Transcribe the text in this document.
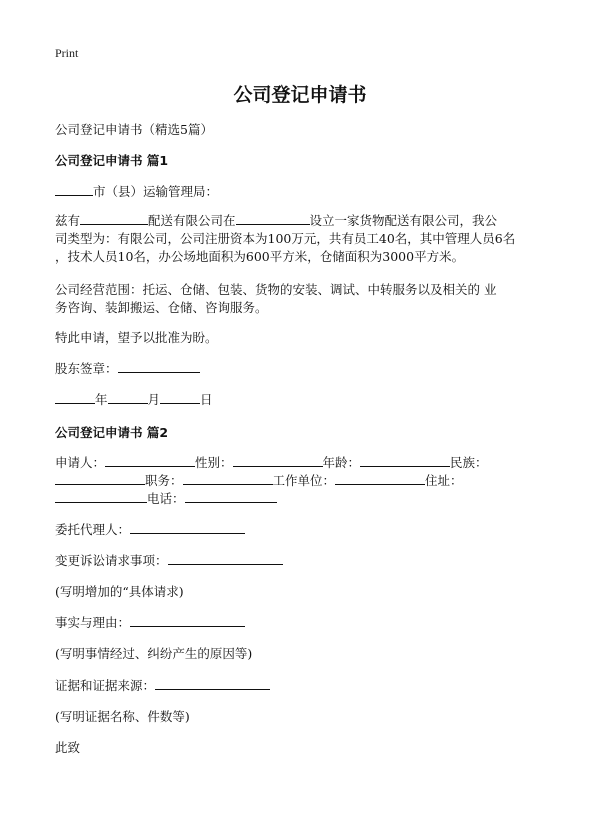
Print
公司登记申请书
公司登记申请书（精选5篇）
公司登记申请书 篇1
市（县）运输管理局：
兹有	配送有限公司在	设立一家货物配送有限公司，我公
司类型为：有限公司，公司注册资本为100万元，共有员工40名，其中管理人员6名
，技术人员10名，办公场地面积为600平方米，仓储面积为3000平方米。
公司经营范围：托运、仓储、包装、货物的安装、调试、中转服务以及相关的 业
务咨询、装卸搬运、仓储、咨询服务。
特此申请，望予以批准为盼。
股东签章：
年	月	日
公司登记申请书 篇2
申请人：	性别：	年龄：	民族：
职务：	工作单位：	住址：
电话：
委托代理人：
变更诉讼请求事项：
(写明增加的“具体请求)
事实与理由：
(写明事情经过、纠纷产生的原因等)
证据和证据来源：
(写明证据名称、件数等)
此致
